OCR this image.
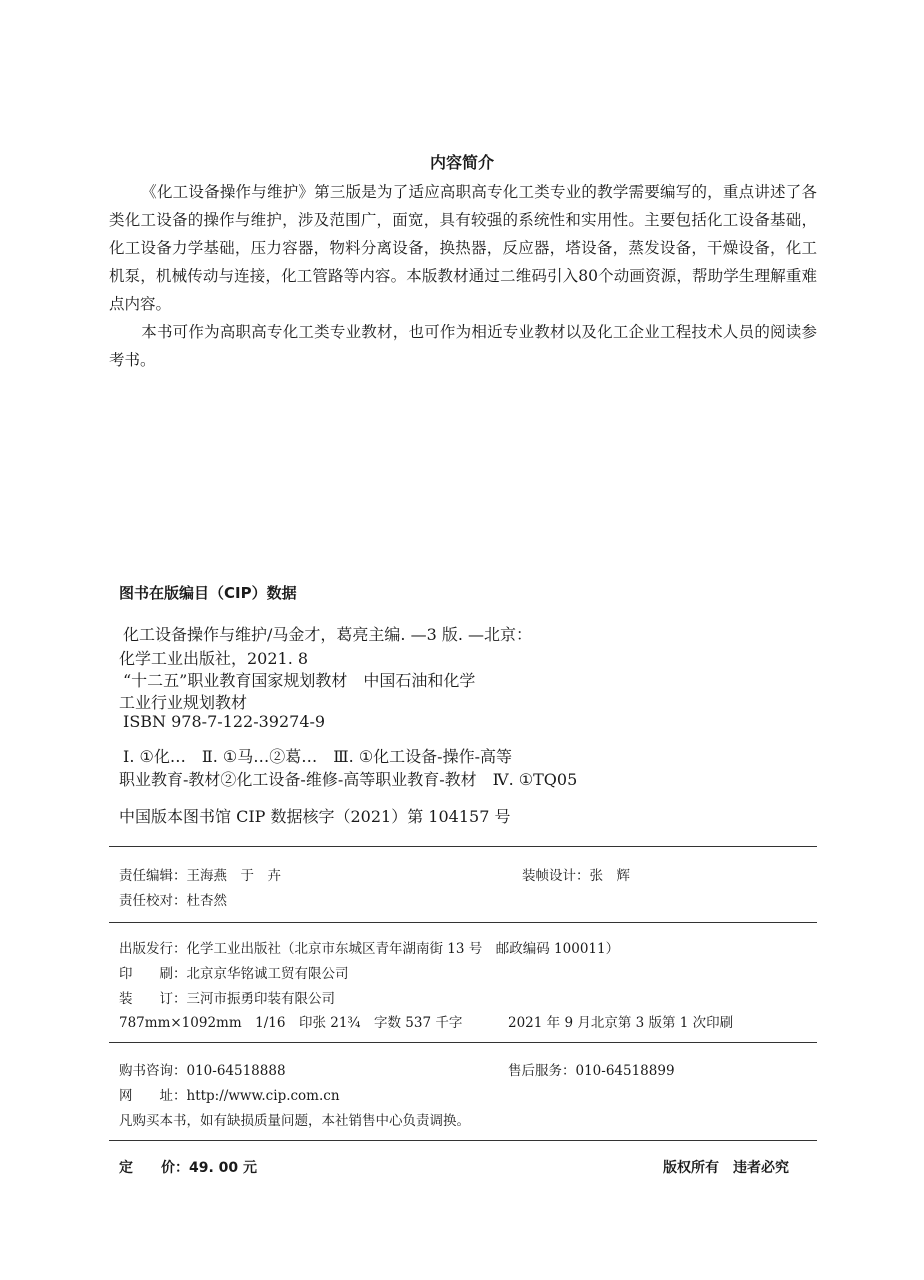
内容简介
《化工设备操作与维护》第三版是为了适应高职高专化工类专业的教学需要编写的，重点讲述了各类化工设备的操作与维护，涉及范围广，面宽，具有较强的系统性和实用性。主要包括化工设备基础，化工设备力学基础，压力容器，物料分离设备，换热器，反应器，塔设备，蒸发设备，干燥设备，化工机泵，机械传动与连接，化工管路等内容。本版教材通过二维码引入80个动画资源，帮助学生理解重难点内容。
本书可作为高职高专化工类专业教材，也可作为相近专业教材以及化工企业工程技术人员的阅读参考书。
图书在版编目（CIP）数据
化工设备操作与维护/马金才，葛亮主编. —3 版. —北京：
化学工业出版社，2021. 8
“十二五”职业教育国家规划教材　中国石油和化学
工业行业规划教材
ISBN 978-7-122-39274-9
Ⅰ. ①化…　Ⅱ. ①马…②葛…　Ⅲ. ①化工设备-操作-高等
职业教育-教材②化工设备-维修-高等职业教育-教材　Ⅳ. ①TQ05
中国版本图书馆 CIP 数据核字（2021）第 104157 号
责任编辑：王海燕　于　卉	装帧设计：张　辉
责任校对：杜杏然
出版发行：化学工业出版社（北京市东城区青年湖南街 13 号　邮政编码 100011）
印　　刷：北京京华铭诚工贸有限公司
装　　订：三河市振勇印装有限公司
787mm×1092mm　1/16　印张 21¾　字数 537 千字	2021 年 9 月北京第 3 版第 1 次印刷
购书咨询：010-64518888	售后服务：010-64518899
网　　址：http://www.cip.com.cn
凡购买本书，如有缺损质量问题，本社销售中心负责调换。
定　　价：49. 00 元	版权所有　违者必究
